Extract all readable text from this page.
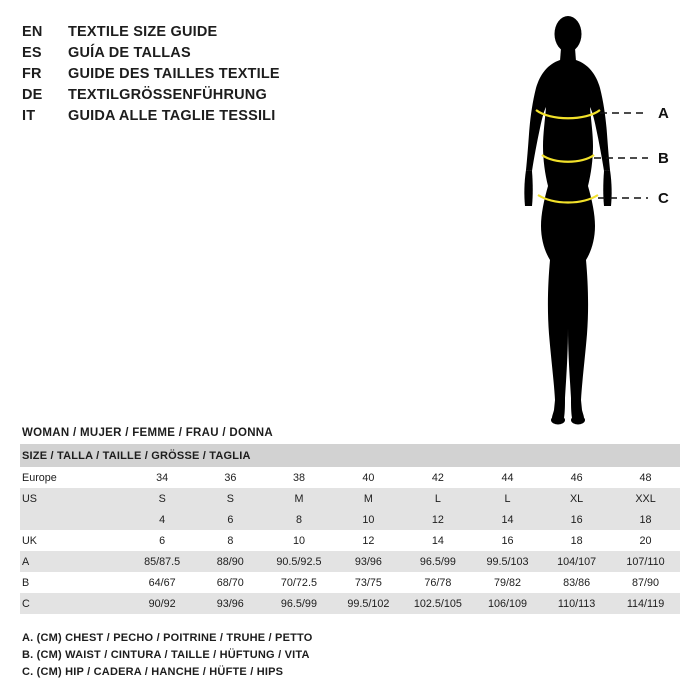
EN	TEXTILE SIZE GUIDE
ES	GUÍA DE TALLAS
FR	GUIDE DES TAILLES TEXTILE
DE	TEXTILGRÖSSENFÜHRUNG
IT	GUIDA ALLE TAGLIE TESSILI	A
B
C
WOMAN / MUJER / FEMME / FRAU / DONNA
SIZE / TALLA / TAILLE / GRÖSSE / TAGLIA								
Europe	34	36	38	40	42	44	46	48
US	S	S	M	M	L	L	XL	XXL
	4	6	8	10	12	14	16	18
UK	6	8	10	12	14	16	18	20
A	85/87.5	88/90	90.5/92.5	93/96	96.5/99	99.5/103	104/107	107/110
B	64/67	68/70	70/72.5	73/75	76/78	79/82	83/86	87/90
C	90/92	93/96	96.5/99	99.5/102	102.5/105	106/109	110/113	114/119
A. (CM) CHEST / PECHO / POITRINE / TRUHE / PETTO
B. (CM) WAIST / CINTURA / TAILLE / HÜFTUNG / VITA
C. (CM) HIP / CADERA / HANCHE / HÜFTE / HIPS
